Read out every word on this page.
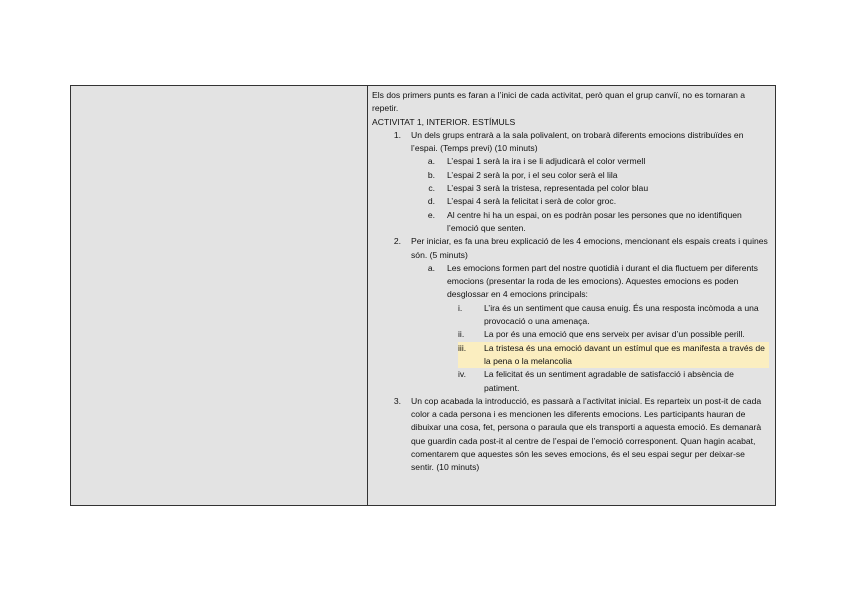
Els dos primers punts es faran a l’inici de cada activitat, però quan el grup canviï, no es tornaran a repetir.

ACTIVITAT 1, INTERIOR. ESTÍMULS

1. Un dels grups entrarà a la sala polivalent, on trobarà diferents emocions distribuïdes en l’espai. (Temps previ) (10 minuts)
a. L’espai 1 serà la ira i se li adjudicarà el color vermell
b. L’espai 2 serà la por, i el seu color serà el lila
c. L’espai 3 serà la tristesa, representada pel color blau
d. L’espai 4 serà la felicitat i serà de color groc.
e. Al centre hi ha un espai, on es podràn posar les persones que no identifiquen l’emoció que senten.
2. Per iniciar, es fa una breu explicació de les 4 emocions, mencionant els espais creats i quines són. (5 minuts)
a. Les emocions formen part del nostre quotidià i durant el dia fluctuem per diferents emocions (presentar la roda de les emocions). Aquestes emocions es poden desglossar en 4 emocions principals:
i.	L’ira és un sentiment que causa enuig. És una resposta incòmoda a una provocació o una amenaça.
ii.	La por és una emoció que ens serveix per avisar d’un possible perill.
iii.	La tristesa és una emoció davant un estímul que es manifesta a través de la pena o la melancolia
iv.	La felicitat és un sentiment agradable de satisfacció i absència de patiment.
3. Un cop acabada la introducció, es passarà a l’activitat inicial. Es reparteix un post-it de cada color a cada persona i es mencionen les diferents emocions. Les participants hauran de dibuixar una cosa, fet, persona o paraula que els transporti a aquesta emoció. Es demanarà que guardin cada post-it al centre de l’espai de l’emoció corresponent. Quan hagin acabat, comentarem que aquestes són les seves emocions, és el seu espai segur per deixar-se sentir. (10 minuts)
